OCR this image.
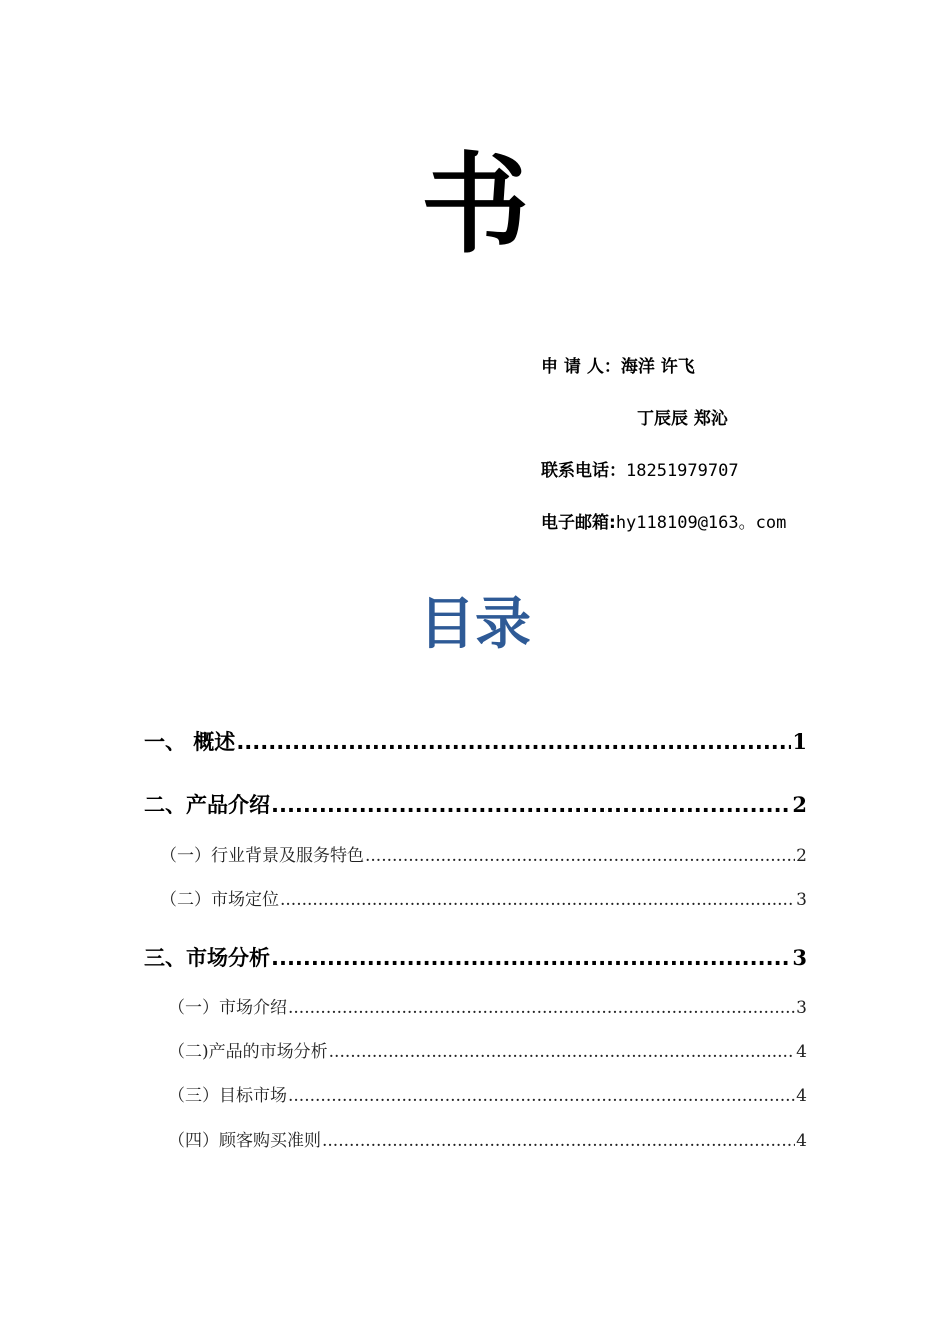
书
申 请 人：海洋 许飞
丁辰辰 郑沁
联系电话：18251979707
电子邮箱:hy118109@163。com
目录
一、 概述 .....	1
二、产品介绍 .....	2
（一）行业背景及服务特色 .....	2
（二）市场定位 .....	3
三、市场分析 .....	3
（一）市场介绍 .....	3
（二)产品的市场分析 .....	4
（三）目标市场 .....	4
（四）顾客购买准则 .....	4
